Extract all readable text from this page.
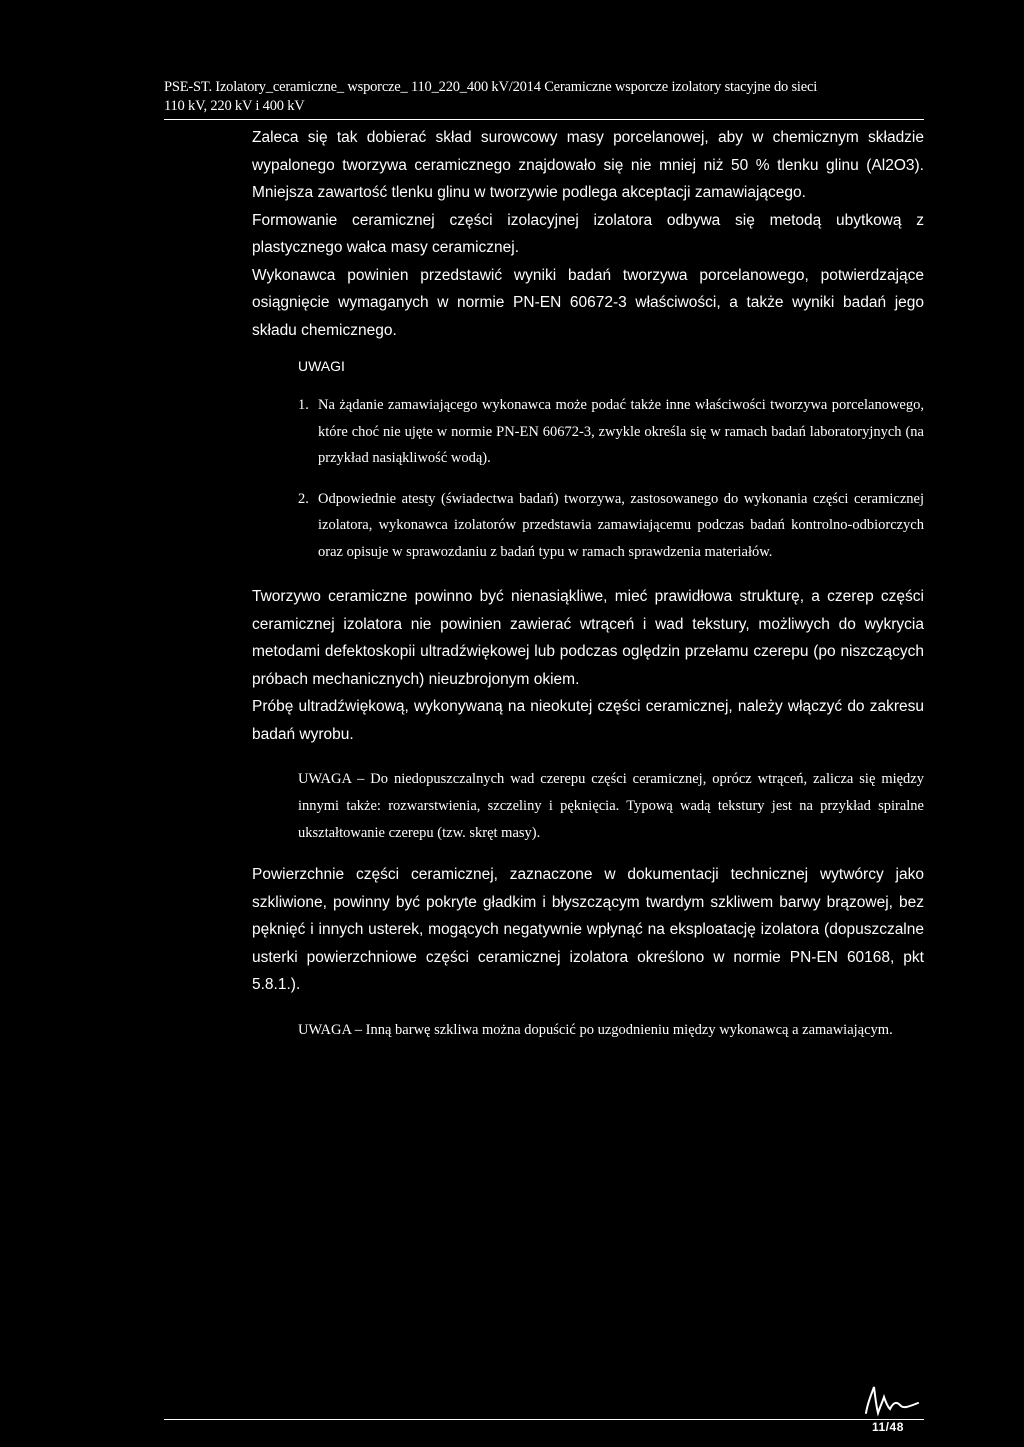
PSE-ST. Izolatory_ceramiczne_ wsporcze_ 110_220_400 kV/2014 Ceramiczne wsporcze izolatory stacyjne do sieci
110 kV, 220 kV i 400 kV

Zaleca się tak dobierać skład surowcowy masy porcelanowej, aby w chemicznym składzie wypalonego tworzywa ceramicznego znajdowało się nie mniej niż 50 % tlenku glinu (Al2O3). Mniejsza zawartość tlenku glinu w tworzywie podlega akceptacji zamawiającego.

Formowanie ceramicznej części izolacyjnej izolatora odbywa się metodą ubytkową z plastycznego wałca masy ceramicznej.

Wykonawca powinien przedstawić wyniki badań tworzywa porcelanowego, potwierdzające osiągnięcie wymaganych w normie PN-EN 60672-3 właściwości, a także wyniki badań jego składu chemicznego.

UWAGI
1. Na żądanie zamawiającego wykonawca może podać także inne właściwości tworzywa porcelanowego, które choć nie ujęte w normie PN-EN 60672-3, zwykle określa się w ramach badań laboratoryjnych (na przykład nasiąkliwość wodą).
2. Odpowiednie atesty (świadectwa badań) tworzywa, zastosowanego do wykonania części ceramicznej izolatora, wykonawca izolatorów przedstawia zamawiającemu podczas badań kontrolno-odbiorczych oraz opisuje w sprawozdaniu z badań typu w ramach sprawdzenia materiałów.

Tworzywo ceramiczne powinno być nienasiąkliwe, mieć prawidłowa strukturę, a czerep części ceramicznej izolatora nie powinien zawierać wtrąceń i wad tekstury, możliwych do wykrycia metodami defektoskopii ultradźwiękowej lub podczas oględzin przełamu czerepu (po niszczących próbach mechanicznych) nieuzbrojonym okiem.

Próbę ultradźwiękową, wykonywaną na nieokutej części ceramicznej, należy włączyć do zakresu badań wyrobu.

UWAGA – Do niedopuszczalnych wad czerepu części ceramicznej, oprócz wtrąceń, zalicza się między innymi także: rozwarstwienia, szczeliny i pęknięcia. Typową wadą tekstury jest na przykład spiralne ukształtowanie czerepu (tzw. skręt masy).

Powierzchnie części ceramicznej, zaznaczone w dokumentacji technicznej wytwórcy jako szkliwione, powinny być pokryte gładkim i błyszczącym twardym szkliwem barwy brązowej, bez pęknięć i innych usterek, mogących negatywnie wpłynąć na eksploatację izolatora (dopuszczalne usterki powierzchniowe części ceramicznej izolatora określono w normie PN-EN 60168, pkt 5.8.1.).

UWAGA – Inną barwę szkliwa można dopuścić po uzgodnieniu między wykonawcą a zamawiającym.
11/48
